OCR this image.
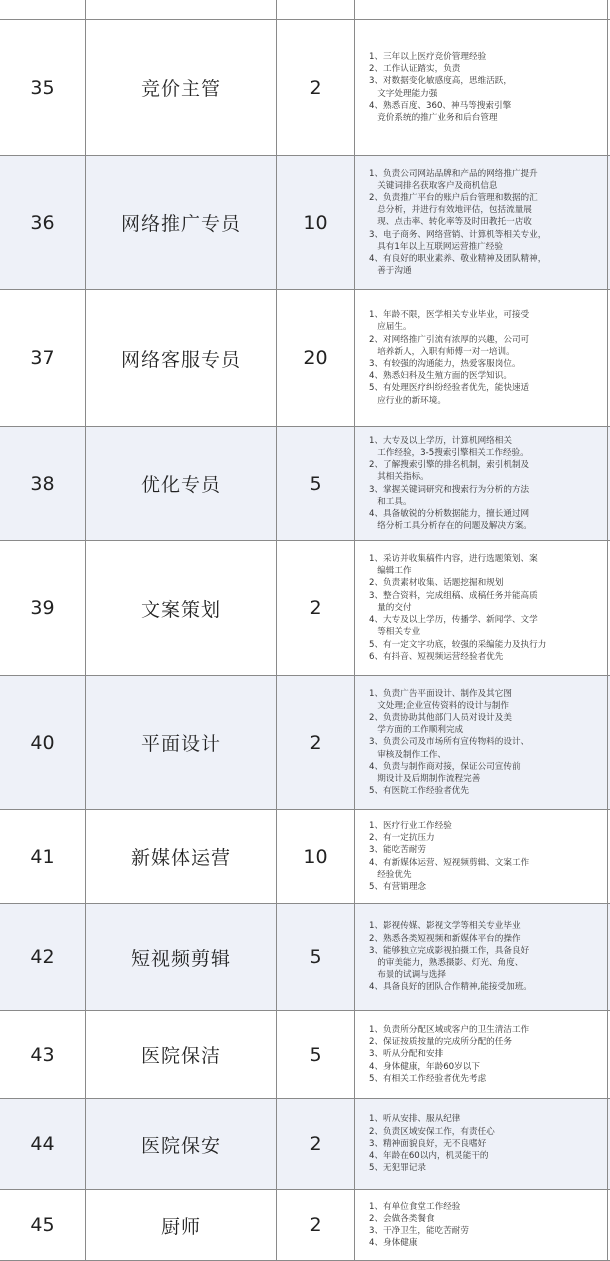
35	竞价主管	2
1、三年以上医疗竞价管理经验
2、工作认证踏实，负责
3、对数据变化敏感度高，思维活跃，
文字处理能力强
4、熟悉百度、360、神马等搜索引擎
竞价系统的推广业务和后台管理
36	网络推广专员	10
1、负责公司网站品牌和产品的网络推广提升
关键词排名获取客户及商机信息
2、负责推广平台的账户后台管理和数据的汇
总分析，并进行有效地评估，包括流量展
现、点击率、转化率等及时田教托一店收
3、电子商务、网络营销、计算机等相关专业，
具有1年以上互联网运营推广经验
4、有良好的职业素养、敬业精神及团队精神，
善于沟通
37	网络客服专员	20
1、年龄不限，医学相关专业毕业，可接受
应届生。
2、对网络推广引流有浓厚的兴趣，公司可
培养新人，入职有师傅一对一培训。
3、有较强的沟通能力，热爱客服岗位。
4、熟悉妇科及生殖方面的医学知识。
5、有处理医疗纠纷经验者优先，能快速适
应行业的新环境。
38	优化专员	5
1、大专及以上学历，计算机网络相关
工作经验，3-5搜索引擎相关工作经验。
2、了解搜索引擎的排名机制，索引机制及
其相关指标。
3、掌握关键词研究和搜索行为分析的方法
和工具。
4、具备敏锐的分析数据能力，擅长通过网
络分析工具分析存在的问题及解决方案。
39	文案策划	2
1、采访并收集稿件内容，进行选题策划、案
编辑工作
2、负责素材收集、话题挖掘和规划
3、整合资料，完成组稿、成稿任务并能高质
量的交付
4、大专及以上学历，传播学、新闻学、文学
等相关专业
5、有一定文字功底，较强的采编能力及执行力
6、有抖音、短视频运营经验者优先
40	平面设计	2
1、负责广告平面设计、制作及其它图
文处理;企业宣传资料的设计与制作
2、负责协助其他部门人员对设计及美
学方面的工作顺利完成
3、负责公司及市场所有宣传物料的设计、
审核及制作工作、
4、负责与制作商对接，保证公司宣传前
期设计及后期制作流程完善
5、有医院工作经验者优先
41	新媒体运营	10
1、医疗行业工作经验
2、有一定抗压力
3、能吃苦耐劳
4、有新媒体运营、短视频剪辑、文案工作
经验优先
5、有营销理念
42	短视频剪辑	5
1、影视传媒、影视文学等相关专业毕业
2、熟悉各类短视频和新媒体平台的操作
3、能够独立完成影视拍摄工作，具备良好
的审美能力，熟悉摄影、灯光、角度、
布景的试调与选择
4、具备良好的团队合作精神,能接受加班。
43	医院保洁	5
1、负责所分配区域或客户的卫生清洁工作
2、保证按质按量的完成所分配的任务
3、听从分配和安排
4、身体健康，年龄60岁以下
5、有相关工作经验者优先考虑
44	医院保安	2
1、听从安排、服从纪律
2、负责区域安保工作，有责任心
3、精神面貌良好，无不良嗜好
4、年龄在60以内，机灵能干的
5、无犯罪记录
45	厨师	2
1、有单位食堂工作经验
2、会做各类餐食
3、干净卫生，能吃苦耐劳
4、身体健康
